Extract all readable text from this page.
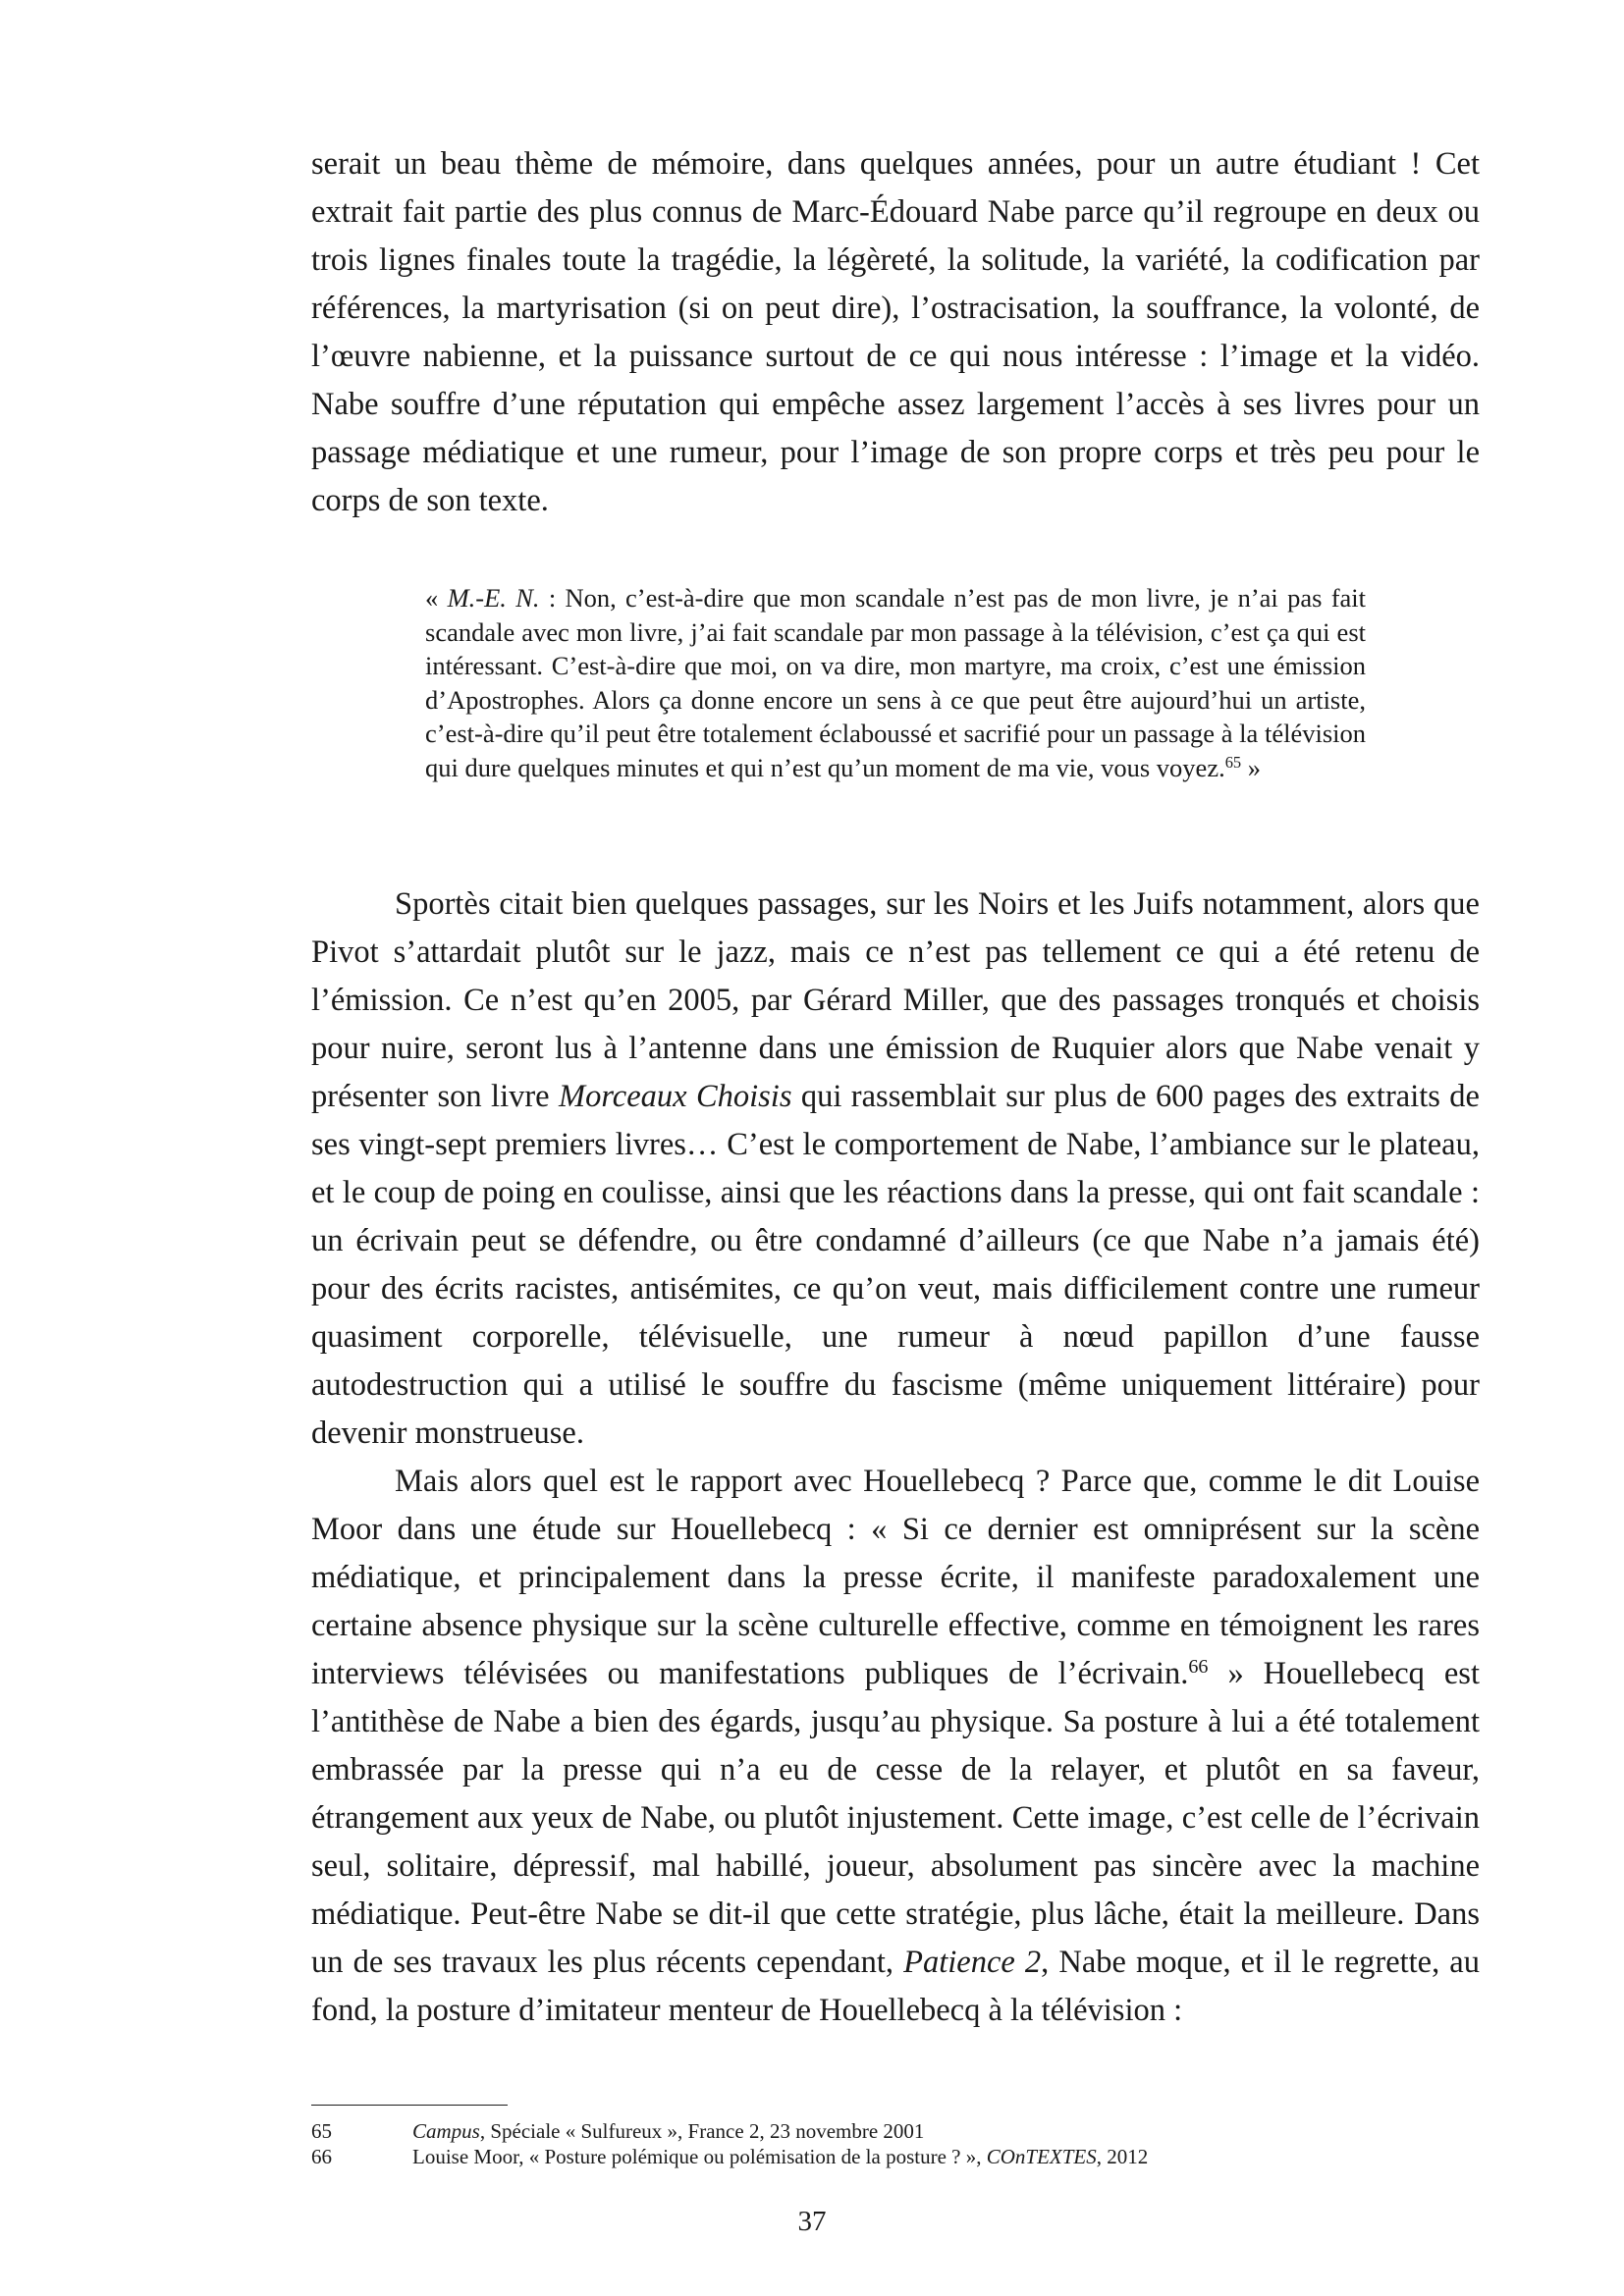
serait un beau thème de mémoire, dans quelques années, pour un autre étudiant ! Cet extrait fait partie des plus connus de Marc-Édouard Nabe parce qu’il regroupe en deux ou trois lignes finales toute la tragédie, la légèreté, la solitude, la variété, la codification par références, la martyrisation (si on peut dire), l’ostracisation, la souffrance, la volonté, de l’œuvre nabienne, et la puissance surtout de ce qui nous intéresse : l’image et la vidéo. Nabe souffre d’une réputation qui empêche assez largement l’accès à ses livres pour un passage médiatique et une rumeur, pour l’image de son propre corps et très peu pour le corps de son texte.

« M.-E. N. : Non, c’est-à-dire que mon scandale n’est pas de mon livre, je n’ai pas fait scandale avec mon livre, j’ai fait scandale par mon passage à la télévision, c’est ça qui est intéressant. C’est-à-dire que moi, on va dire, mon martyre, ma croix, c’est une émission d’Apostrophes. Alors ça donne encore un sens à ce que peut être aujourd’hui un artiste, c’est-à-dire qu’il peut être totalement éclaboussé et sacrifié pour un passage à la télévision qui dure quelques minutes et qui n’est qu’un moment de ma vie, vous voyez.$^{65}$ »

Sportès citait bien quelques passages, sur les Noirs et les Juifs notamment, alors que Pivot s’attardait plutôt sur le jazz, mais ce n’est pas tellement ce qui a été retenu de l’émission. Ce n’est qu’en 2005, par Gérard Miller, que des passages tronqués et choisis pour nuire, seront lus à l’antenne dans une émission de Ruquier alors que Nabe venait y présenter son livre Morceaux Choisis qui rassemblait sur plus de 600 pages des extraits de ses vingt-sept premiers livres… C’est le comportement de Nabe, l’ambiance sur le plateau, et le coup de poing en coulisse, ainsi que les réactions dans la presse, qui ont fait scandale : un écrivain peut se défendre, ou être condamné d’ailleurs (ce que Nabe n’a jamais été) pour des écrits racistes, antisémites, ce qu’on veut, mais difficilement contre une rumeur quasiment corporelle, télévisuelle, une rumeur à nœud papillon d’une fausse autodestruction qui a utilisé le souffre du fascisme (même uniquement littéraire) pour devenir monstrueuse.

Mais alors quel est le rapport avec Houellebecq ? Parce que, comme le dit Louise Moor dans une étude sur Houellebecq : « Si ce dernier est omniprésent sur la scène médiatique, et principalement dans la presse écrite, il manifeste paradoxalement une certaine absence physique sur la scène culturelle effective, comme en témoignent les rares interviews télévisées ou manifestations publiques de l’écrivain.$^{66}$ » Houellebecq est l’antithèse de Nabe a bien des égards, jusqu’au physique. Sa posture à lui a été totalement embrassée par la presse qui n’a eu de cesse de la relayer, et plutôt en sa faveur, étrangement aux yeux de Nabe, ou plutôt injustement. Cette image, c’est celle de l’écrivain seul, solitaire, dépressif, mal habillé, joueur, absolument pas sincère avec la machine médiatique. Peut-être Nabe se dit-il que cette stratégie, plus lâche, était la meilleure. Dans un de ses travaux les plus récents cependant, Patience 2, Nabe moque, et il le regrette, au fond, la posture d’imitateur menteur de Houellebecq à la télévision :

65	Campus, Spéciale « Sulfureux », France 2, 23 novembre 2001
66	Louise Moor, « Posture polémique ou polémisation de la posture ? », COnTEXTES, 2012
37
